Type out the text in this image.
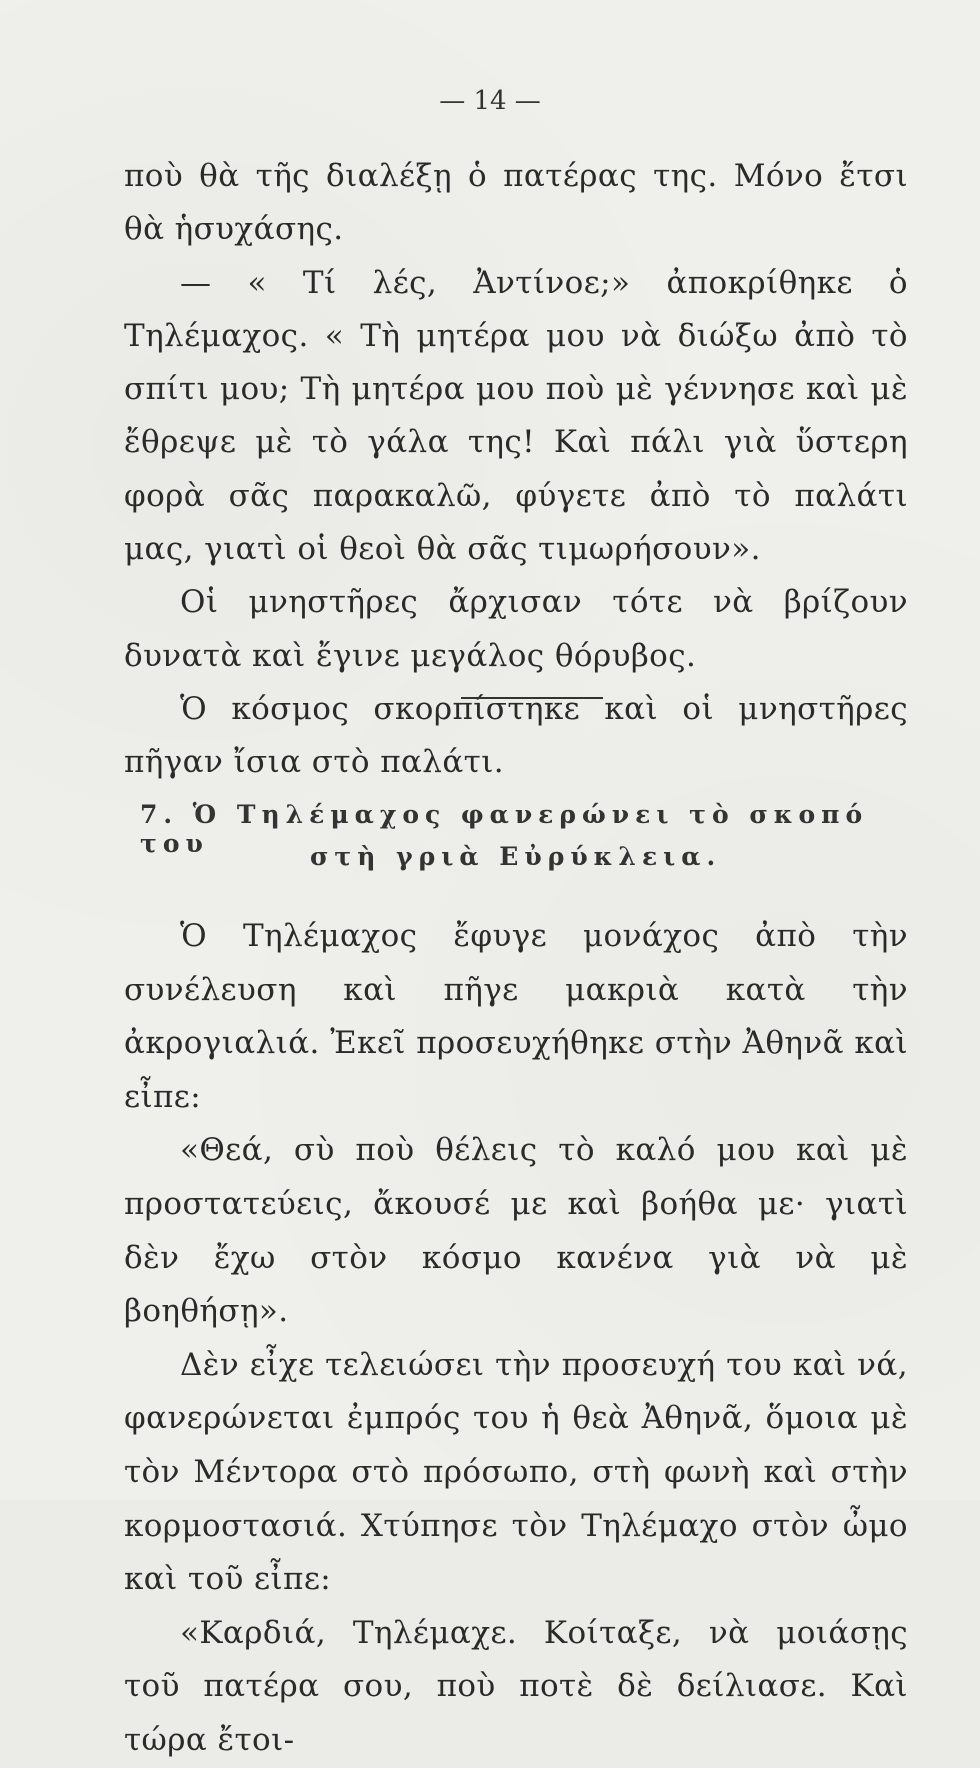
— 14 —

ποὺ θὰ τῆς διαλέξῃ ὁ πατέρας της. Μόνο ἔτσι θὰ ἡσυχάσης.

— « Τί λές, Ἀντίνοε;» ἀποκρίθηκε ὁ Τηλέμαχος. « Τὴ μητέρα μου νὰ διώξω ἀπὸ τὸ σπίτι μου; Τὴ μητέρα μου ποὺ μὲ γέννησε καὶ μὲ ἔθρεψε μὲ τὸ γάλα της! Καὶ πάλι γιὰ ὕστερη φορὰ σᾶς παρακαλῶ, φύγετε ἀπὸ τὸ παλάτι μας, γιατὶ οἱ θεοὶ θὰ σᾶς τιμωρήσουν».

Οἱ μνηστῆρες ἄρχισαν τότε νὰ βρίζουν δυνατὰ καὶ ἔγινε μεγάλος θόρυβος.

Ὁ κόσμος σκορπίστηκε καὶ οἱ μνηστῆρες πῆγαν ἴσια στὸ παλάτι.

7. Ὁ Τηλέμαχος φανερώνει τὸ σκοπό του	στὴ γριὰ Εὐρύκλεια.

Ὁ Τηλέμαχος ἔφυγε μονάχος ἀπὸ τὴν συνέλευση καὶ πῆγε μακριὰ κατὰ τὴν ἀκρογιαλιά. Ἐκεῖ προσευχήθηκε στὴν Ἀθηνᾶ καὶ εἶπε:

«Θεά, σὺ ποὺ θέλεις τὸ καλό μου καὶ μὲ προστατεύεις, ἄκουσέ με καὶ βοήθα με· γιατὶ δὲν ἔχω στὸν κόσμο κανένα γιὰ νὰ μὲ βοηθήσῃ».

Δὲν εἶχε τελειώσει τὴν προσευχή του καὶ νά, φανερώνεται ἐμπρός του ἡ θεὰ Ἀθηνᾶ, ὅμοια μὲ τὸν Μέντορα στὸ πρόσωπο, στὴ φωνὴ καὶ στὴν κορμοστασιά. Χτύπησε τὸν Τηλέμαχο στὸν ὦμο καὶ τοῦ εἶπε:

«Καρδιά, Τηλέμαχε. Κοίταξε, νὰ μοιάσῃς τοῦ πατέρα σου, ποὺ ποτὲ δὲ δείλιασε. Καὶ τώρα ἔτοι-
